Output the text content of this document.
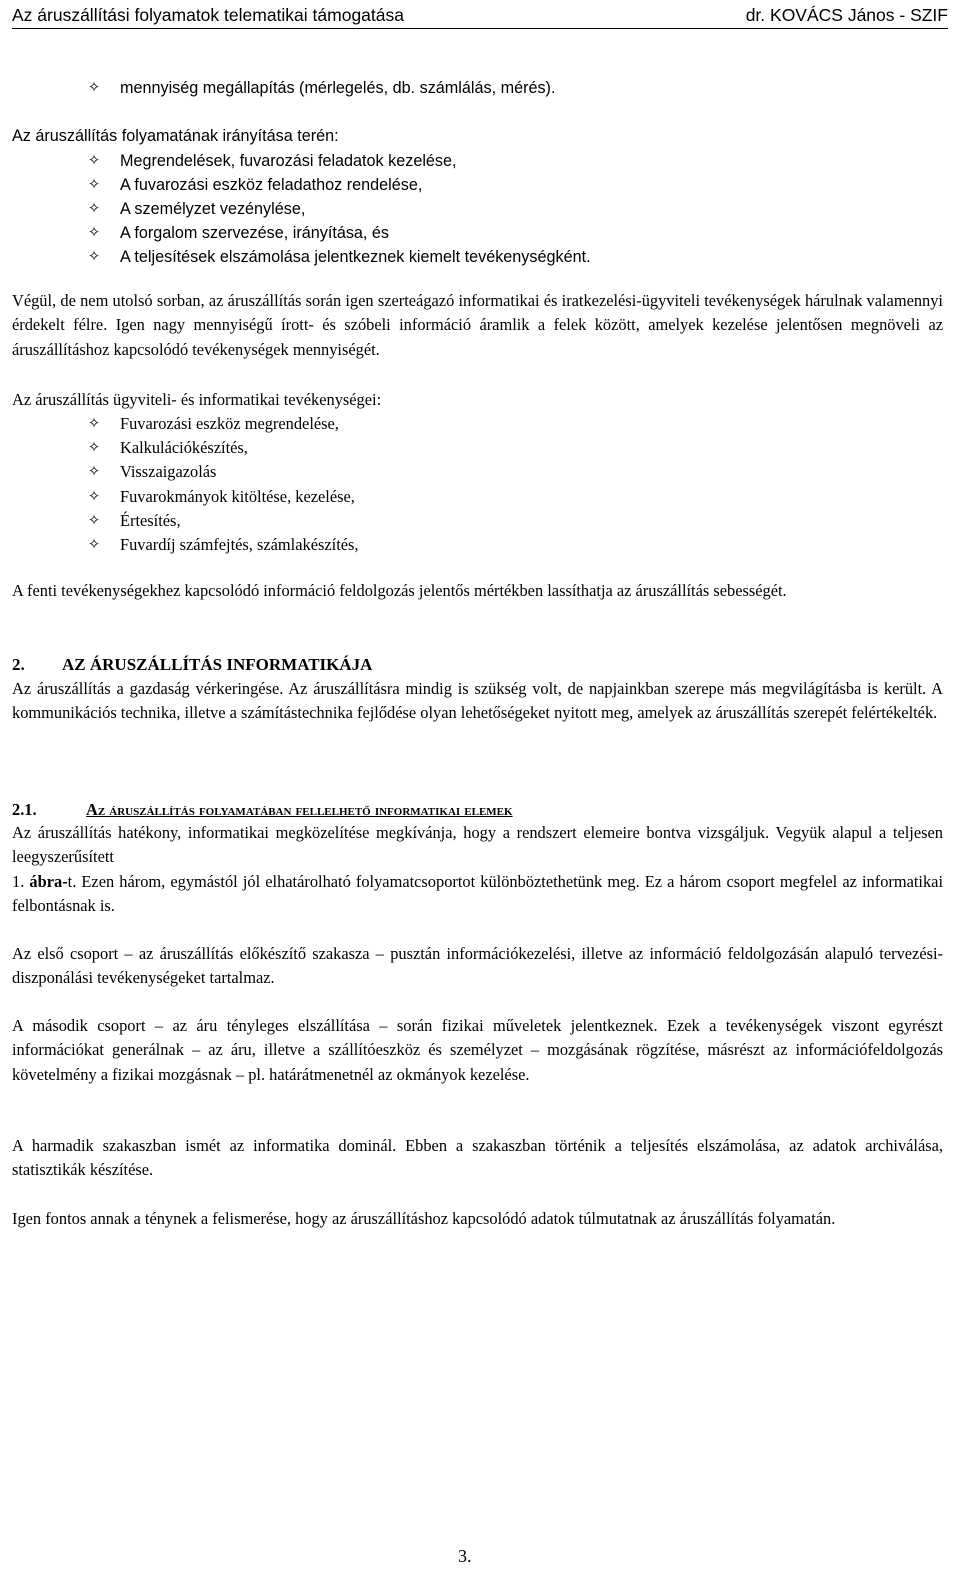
Az áruszállítási folyamatok telematikai támogatása	dr. KOVÁCS János - SZIF
✧ mennyiség megállapítás (mérlegelés, db. számlálás, mérés).
Az áruszállítás folyamatának irányítása terén:
✧ Megrendelések, fuvarozási feladatok kezelése,
✧ A fuvarozási eszköz feladathoz rendelése,
✧ A személyzet vezénylése,
✧ A forgalom szervezése, irányítása, és
✧ A teljesítések elszámolása jelentkeznek kiemelt tevékenységként.
Végül, de nem utolsó sorban, az áruszállítás során igen szerteágazó informatikai és iratkezelési-ügyviteli tevékenységek hárulnak valamennyi érdekelt félre. Igen nagy mennyiségű írott- és szóbeli információ áramlik a felek között, amelyek kezelése jelentősen megnöveli az áruszállításhoz kapcsolódó tevékenységek mennyiségét.
Az áruszállítás ügyviteli- és informatikai tevékenységei:
✧ Fuvarozási eszköz megrendelése,
✧ Kalkulációkészítés,
✧ Visszaigazolás
✧ Fuvarokmányok kitöltése, kezelése,
✧ Értesítés,
✧ Fuvardíj számfejtés, számlakészítés,
A fenti tevékenységekhez kapcsolódó információ feldolgozás jelentős mértékben lassíthatja az áruszállítás sebességét.
2. AZ ÁRUSZÁLLÍTÁS INFORMATIKÁJA
Az áruszállítás a gazdaság vérkeringése. Az áruszállításra mindig is szükség volt, de napjainkban szerepe más megvilágításba is került. A kommunikációs technika, illetve a számítástechnika fejlődése olyan lehetőségeket nyitott meg, amelyek az áruszállítás szerepét felértékelték.
2.1.	Az áruszállítás folyamatában fellelhető informatikai elemek
Az áruszállítás hatékony, informatikai megközelítése megkívánja, hogy a rendszert elemeire bontva vizsgáljuk. Vegyük alapul a teljesen leegyszerűsített
1. ábra-t. Ezen három, egymástól jól elhatárolható folyamatcsoportot különböztethetünk meg. Ez a három csoport megfelel az informatikai felbontásnak is.
Az első csoport – az áruszállítás előkészítő szakasza – pusztán információkezelési, illetve az információ feldolgozásán alapuló tervezési-diszponálási tevékenységeket tartalmaz.
A második csoport – az áru tényleges elszállítása – során fizikai műveletek jelentkeznek. Ezek a tevékenységek viszont egyrészt információkat generálnak – az áru, illetve a szállítóeszköz és személyzet – mozgásának rögzítése, másrészt az információfeldolgozás követelmény a fizikai mozgásnak – pl. határátmenetnél az okmányok kezelése.
A harmadik szakaszban ismét az informatika dominál. Ebben a szakaszban történik a teljesítés elszámolása, az adatok archiválása, statisztikák készítése.
Igen fontos annak a ténynek a felismerése, hogy az áruszállításhoz kapcsolódó adatok túlmutatnak az áruszállítás folyamatán.
3.
